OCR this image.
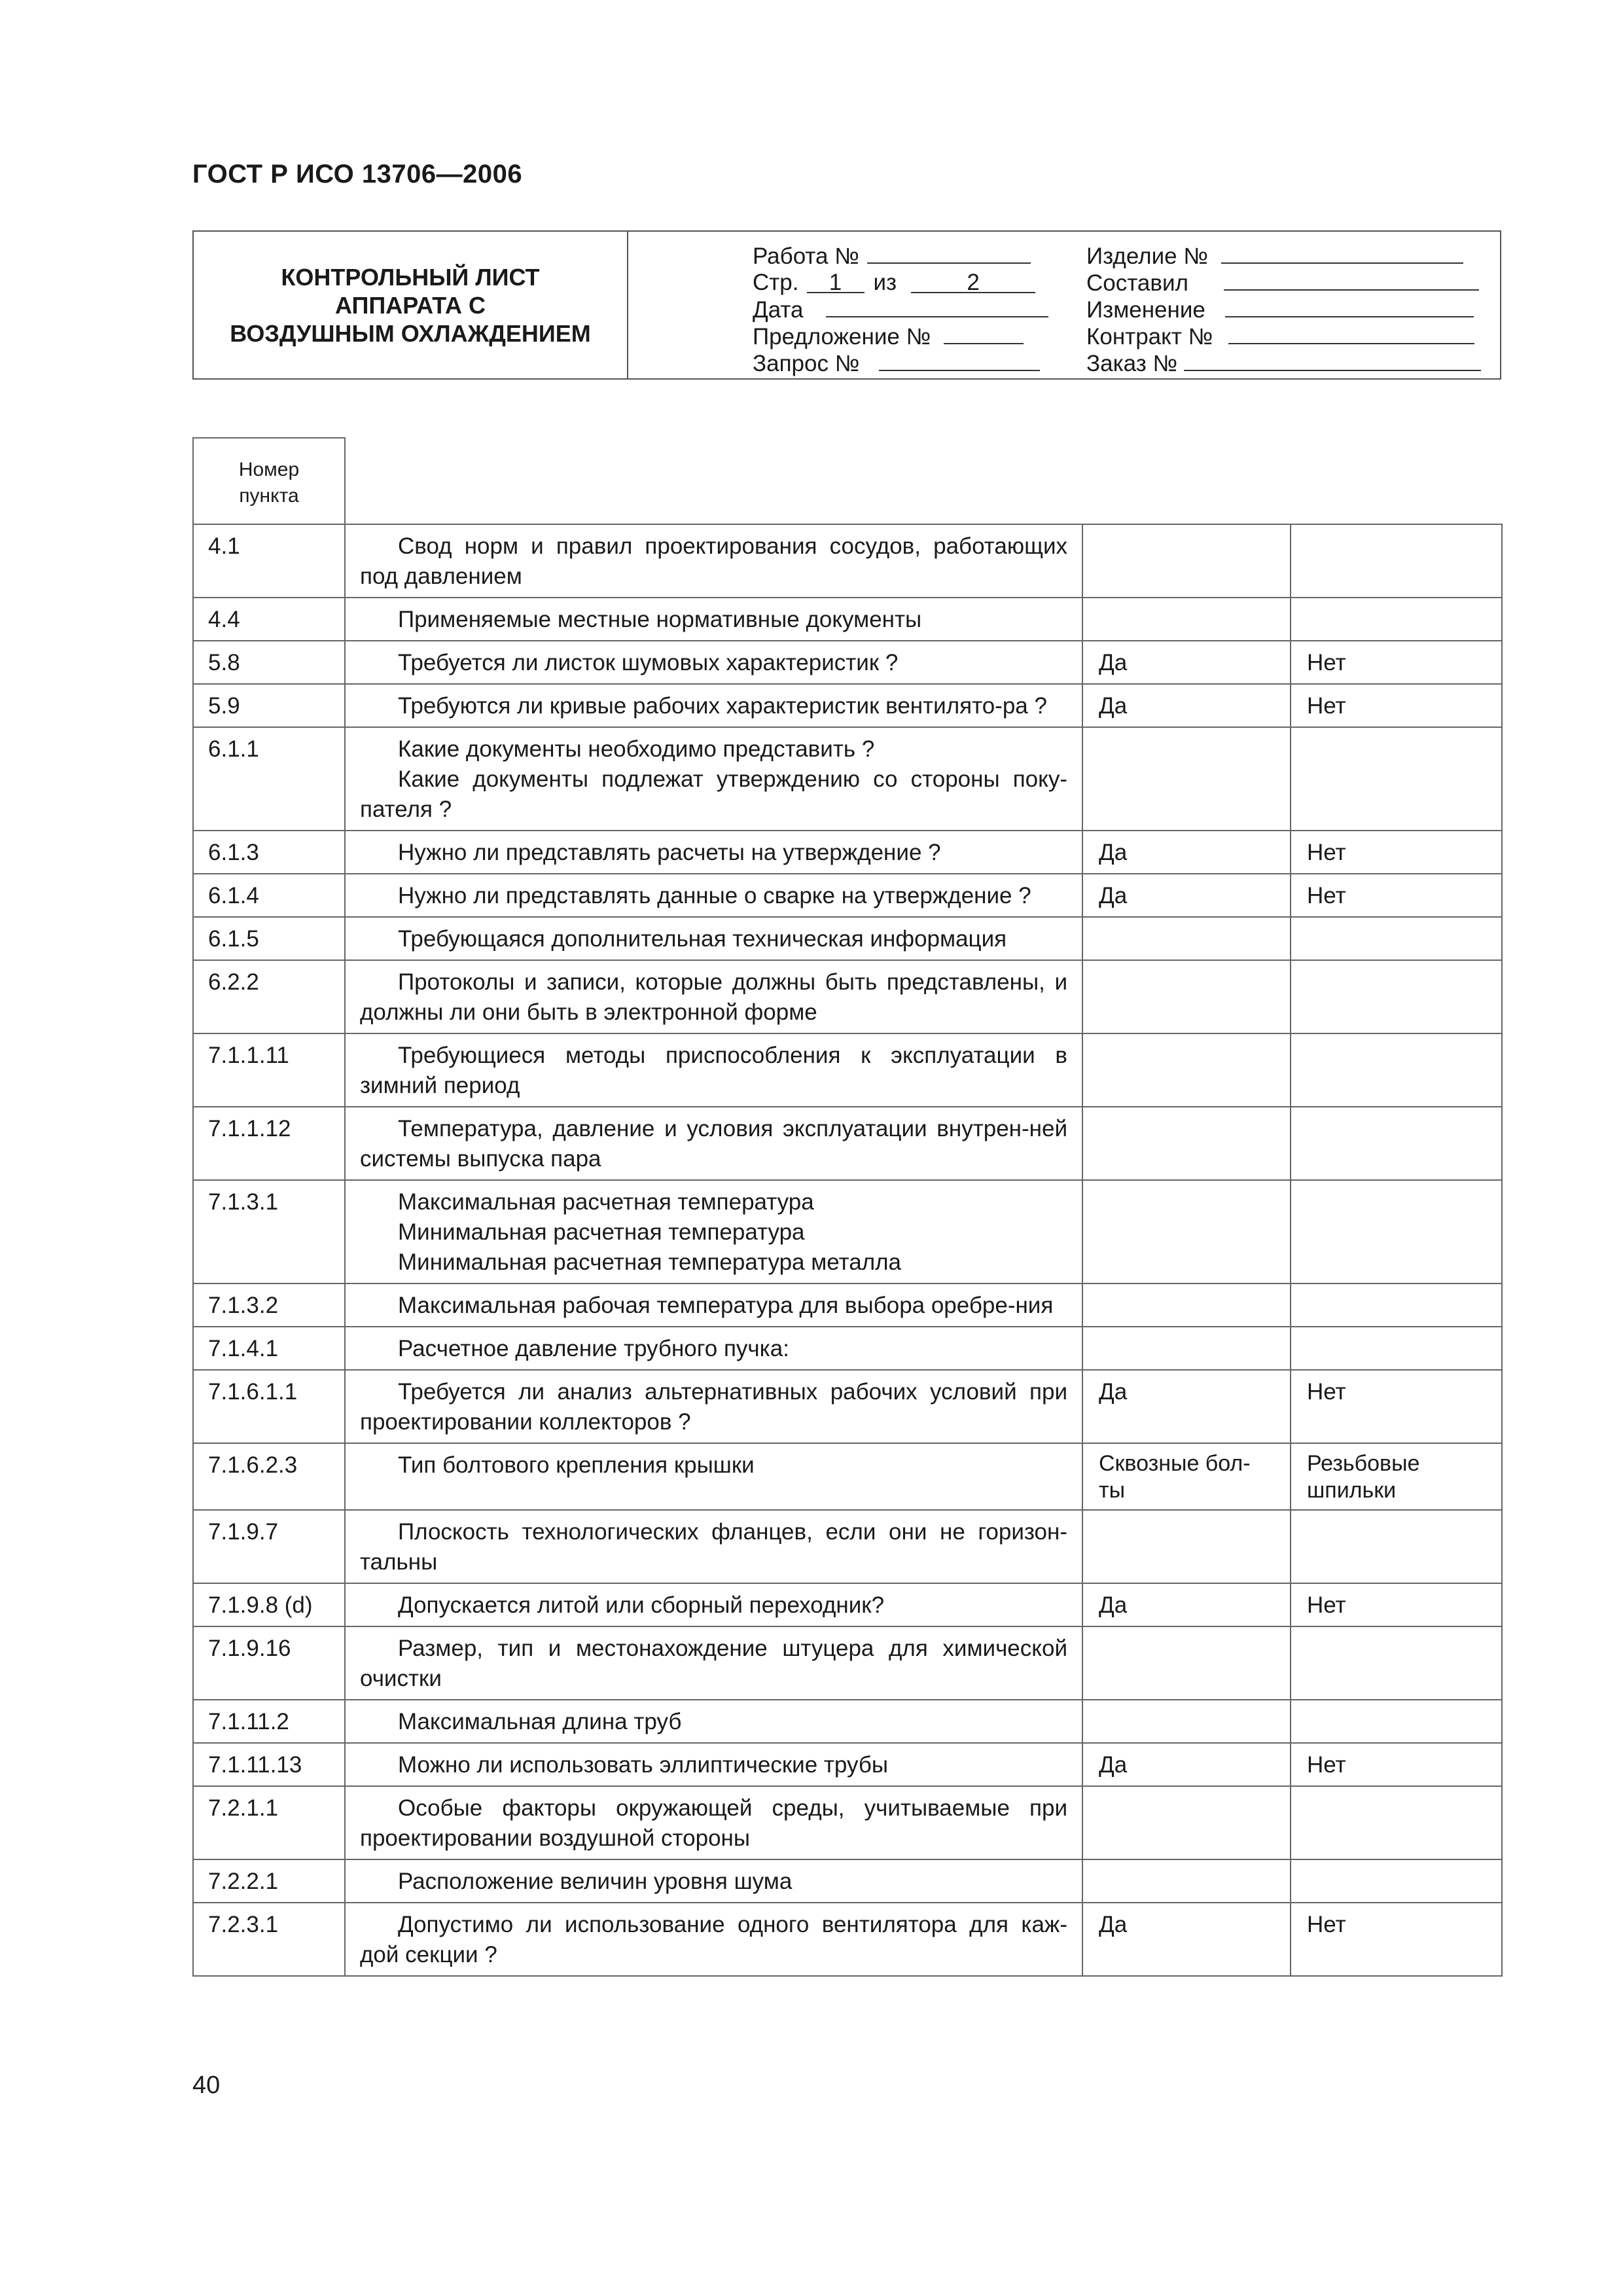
ГОСТ Р ИСО 13706—2006
КОНТРОЛЬНЫЙ ЛИСТ
АППАРАТА С
ВОЗДУШНЫМ ОХЛАЖДЕНИЕМ
Работа №
Стр.	1	из	2
Дата
Предложение №
Запрос №
Изделие №
Составил
Изменение
Контракт №
Заказ №
Номер
пункта			
4.1	Свод норм и правил проектирования сосудов, работающих под давлением		

4.4	Применяемые местные нормативные документы		

5.8	Требуется ли листок шумовых характеристик ?	Да	Нет
5.9	Требуются ли кривые рабочих характеристик вентилято-ра ?	Да	Нет
6.1.1	Какие документы необходимо представить ?
Какие документы подлежат утверждению со стороны поку-пателя ?		

6.1.3	Нужно ли представлять расчеты на утверждение ?	Да	Нет
6.1.4	Нужно ли представлять данные о сварке на утверждение ?	Да	Нет
6.1.5	Требующаяся дополнительная техническая информация		

6.2.2	Протоколы и записи, которые должны быть представлены, и должны ли они быть в электронной форме		

7.1.1.11	Требующиеся методы приспособления к эксплуатации в зимний период		

7.1.1.12	Температура, давление и условия эксплуатации внутрен-ней системы выпуска пара		

7.1.3.1	Максимальная расчетная температура
Минимальная расчетная температура
Минимальная расчетная температура металла		

7.1.3.2	Максимальная рабочая температура для выбора оребре-ния		

7.1.4.1	Расчетное давление трубного пучка:		

7.1.6.1.1	Требуется ли анализ альтернативных рабочих условий при проектировании коллекторов ?	Да	Нет
7.1.6.2.3	Тип болтового крепления крышки	Сквозные бол-ты	Резьбовые шпильки
7.1.9.7	Плоскость технологических фланцев, если они не горизон-тальны		

7.1.9.8 (d)	Допускается литой или сборный переходник?	Да	Нет
7.1.9.16	Размер, тип и местонахождение штуцера для химической очистки		

7.1.11.2	Максимальная длина труб		

7.1.11.13	Можно ли использовать эллиптические трубы	Да	Нет
7.2.1.1	Особые факторы окружающей среды, учитываемые при проектировании воздушной стороны		

7.2.2.1	Расположение величин уровня шума		

7.2.3.1	Допустимо ли использование одного вентилятора для каж-дой секции ?	Да	Нет
40
